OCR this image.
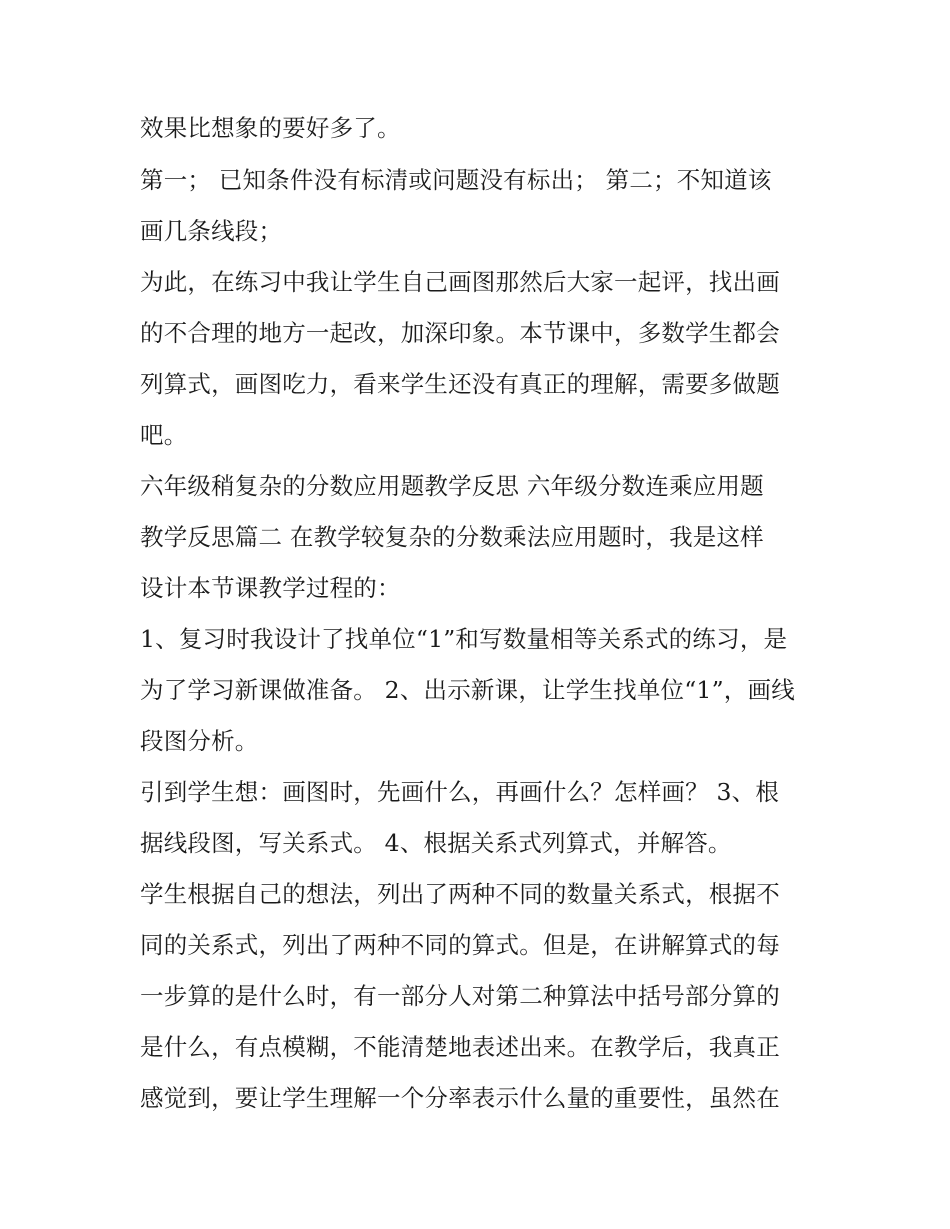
效果比想象的要好多了。
第一； 已知条件没有标清或问题没有标出； 第二；不知道该
画几条线段；
为此，在练习中我让学生自己画图那然后大家一起评，找出画
的不合理的地方一起改，加深印象。本节课中，多数学生都会
列算式，画图吃力，看来学生还没有真正的理解，需要多做题
吧。
六年级稍复杂的分数应用题教学反思 六年级分数连乘应用题
教学反思篇二 在教学较复杂的分数乘法应用题时，我是这样
设计本节课教学过程的：
1、复习时我设计了找单位“1”和写数量相等关系式的练习，是
为了学习新课做准备。 2、出示新课，让学生找单位“1”，画线
段图分析。
引到学生想：画图时，先画什么，再画什么？怎样画？ 3、根
据线段图，写关系式。 4、根据关系式列算式，并解答。
学生根据自己的想法，列出了两种不同的数量关系式，根据不
同的关系式，列出了两种不同的算式。但是，在讲解算式的每
一步算的是什么时，有一部分人对第二种算法中括号部分算的
是什么，有点模糊，不能清楚地表述出来。在教学后，我真正
感觉到，要让学生理解一个分率表示什么量的重要性，虽然在
